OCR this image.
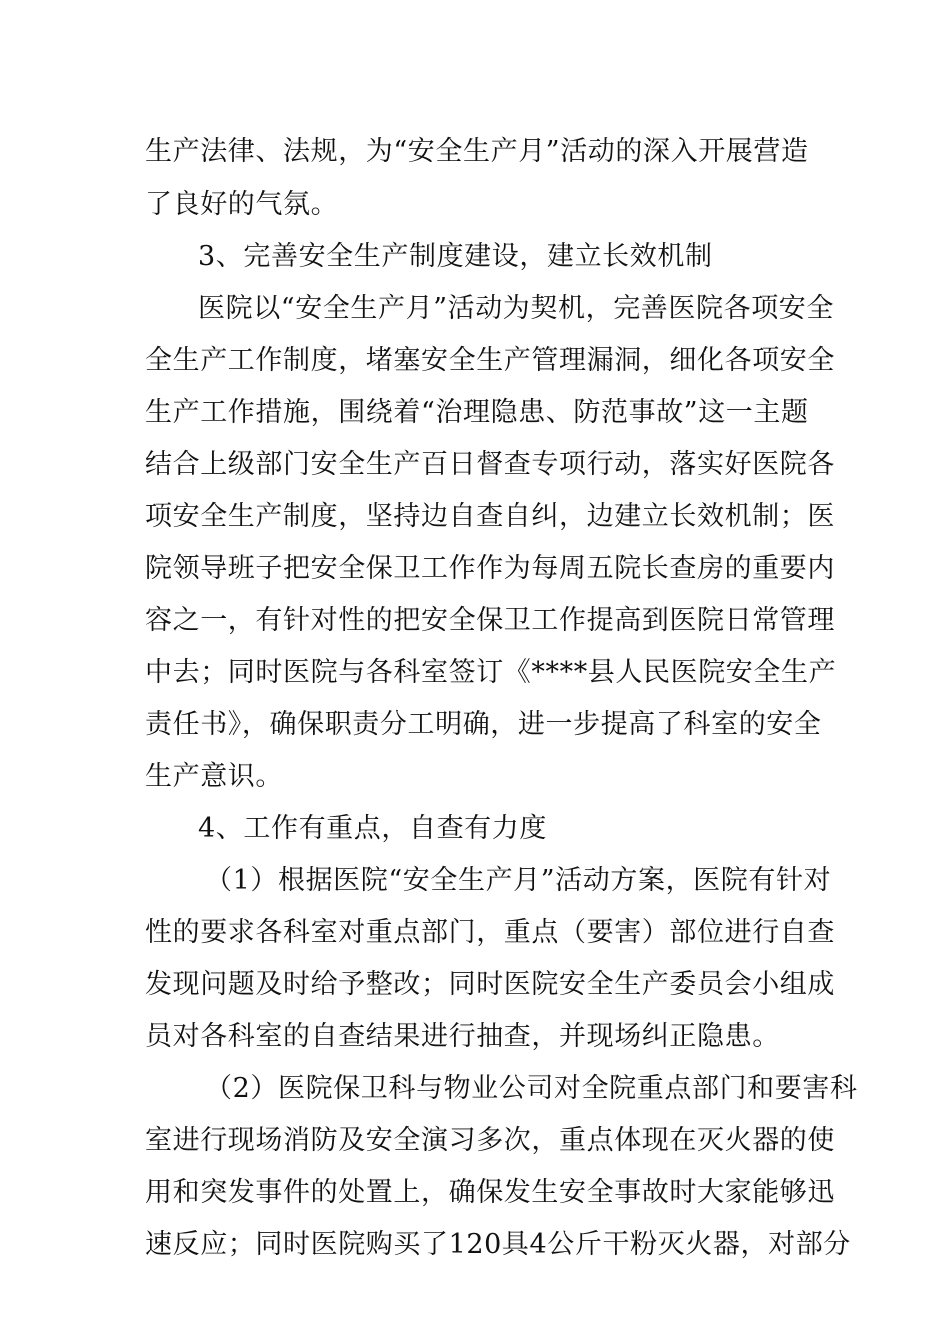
生产法律、法规，为“安全生产月”活动的深入开展营造
了良好的气氛。
3、完善安全生产制度建设，建立长效机制
医院以“安全生产月”活动为契机，完善医院各项安全
全生产工作制度，堵塞安全生产管理漏洞，细化各项安全
生产工作措施，围绕着“治理隐患、防范事故”这一主题
结合上级部门安全生产百日督查专项行动，落实好医院各
项安全生产制度，坚持边自查自纠，边建立长效机制；医
院领导班子把安全保卫工作作为每周五院长查房的重要内
容之一，有针对性的把安全保卫工作提高到医院日常管理
中去；同时医院与各科室签订《****县人民医院安全生产
责任书》，确保职责分工明确，进一步提高了科室的安全
生产意识。
4、工作有重点，自查有力度
（1）根据医院“安全生产月”活动方案，医院有针对
性的要求各科室对重点部门，重点（要害）部位进行自查
发现问题及时给予整改；同时医院安全生产委员会小组成
员对各科室的自查结果进行抽查，并现场纠正隐患。
（2）医院保卫科与物业公司对全院重点部门和要害科
室进行现场消防及安全演习多次，重点体现在灭火器的使
用和突发事件的处置上，确保发生安全事故时大家能够迅
速反应；同时医院购买了120具4公斤干粉灭火器，对部分
